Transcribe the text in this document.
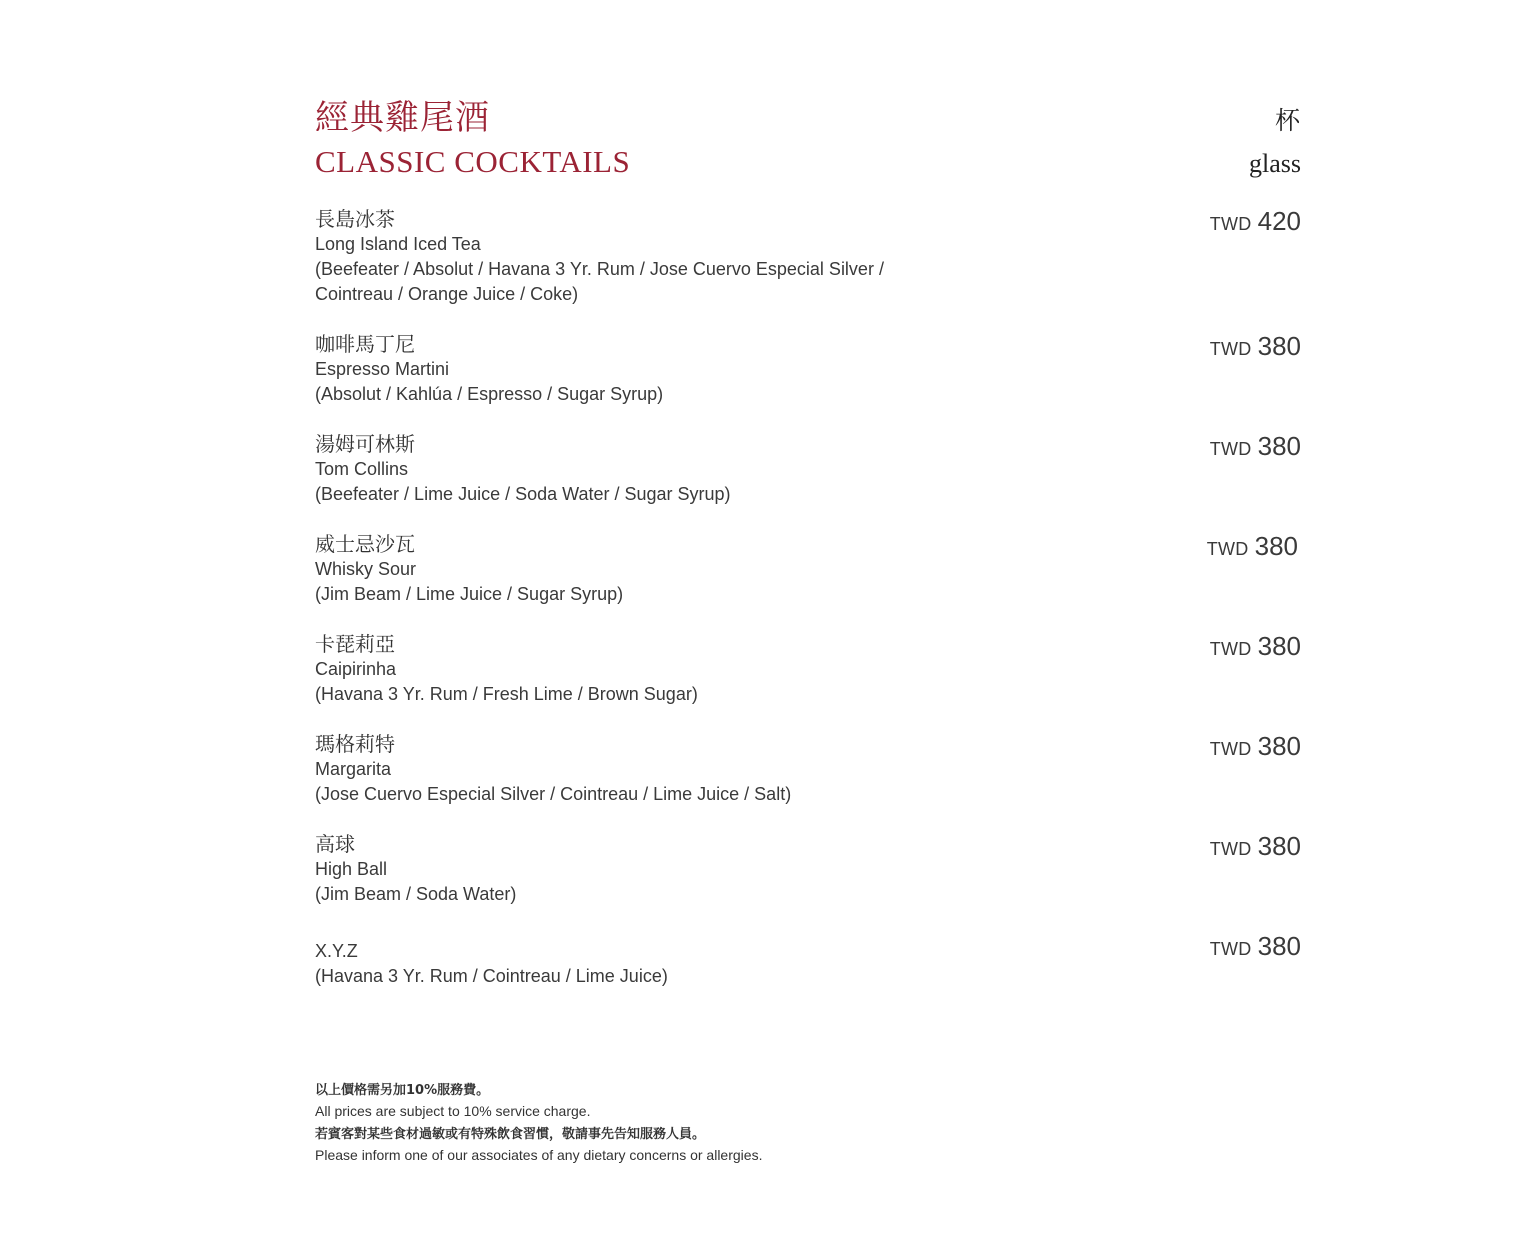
經典雞尾酒
CLASSIC COCKTAILS
杯
glass
長島冰茶
Long Island Iced Tea
(Beefeater / Absolut / Havana 3 Yr. Rum / Jose Cuervo Especial Silver / Cointreau / Orange Juice / Coke)
TWD 420
咖啡馬丁尼
Espresso Martini
(Absolut / Kahlúa / Espresso / Sugar Syrup)
TWD 380
湯姆可林斯
Tom Collins
(Beefeater / Lime Juice / Soda Water / Sugar Syrup)
TWD 380
威士忌沙瓦
Whisky Sour
(Jim Beam / Lime Juice / Sugar Syrup)
TWD 380
卡琵莉亞
Caipirinha
(Havana 3 Yr. Rum / Fresh Lime / Brown Sugar)
TWD 380
瑪格莉特
Margarita
(Jose Cuervo Especial Silver / Cointreau / Lime Juice / Salt)
TWD 380
高球
High Ball
(Jim Beam / Soda Water)
TWD 380
X.Y.Z
(Havana 3 Yr. Rum / Cointreau / Lime Juice)
TWD 380
以上價格需另加10%服務費。
All prices are subject to 10% service charge.
若賓客對某些食材過敏或有特殊飲食習慣，敬請事先告知服務人員。
Please inform one of our associates of any dietary concerns or allergies.
